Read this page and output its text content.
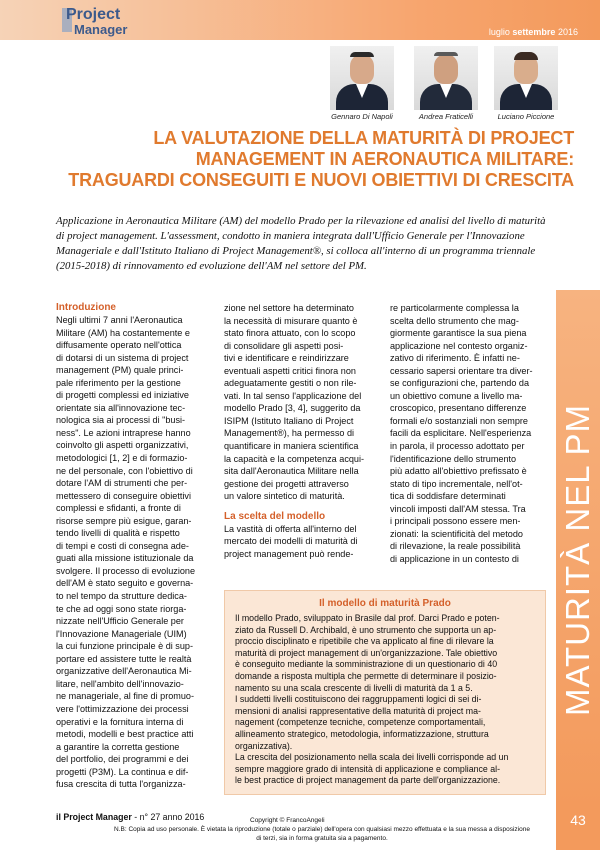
Project
Manager	luglio settembre 2016
Gennaro Di Napoli	Andrea Fraticelli	Luciano Piccione
LA VALUTAZIONE DELLA MATURITÀ DI PROJECT
MANAGEMENT IN AERONAUTICA MILITARE:
TRAGUARDI CONSEGUITI E NUOVI OBIETTIVI DI CRESCITA
Applicazione in Aeronautica Militare (AM) del modello Prado per la rilevazione ed analisi del livello di maturità di project management. L'assessment, condotto in maniera integrata dall'Ufficio Generale per l'Innovazione Manageriale e dall'Istituto Italiano di Project Management®, si colloca all'interno di un programma triennale (2015-2018) di rinnovamento ed evoluzione dell'AM nel settore del PM.
MATURITÀ NEL PM
Introduzione

Negli ultimi 7 anni l'Aeronautica
Militare (AM) ha costantemente e
diffusamente operato nell'ottica
di dotarsi di un sistema di project
management (PM) quale princi-
pale riferimento per la gestione
di progetti complessi ed iniziative
orientate sia all'innovazione tec-
nologica sia ai processi di "busi-
ness". Le azioni intraprese hanno
coinvolto gli aspetti organizzativi,
metodologici [1, 2] e di formazio-
ne del personale, con l'obiettivo di
dotare l'AM di strumenti che per-
mettessero di conseguire obiettivi
complessi e sfidanti, a fronte di
risorse sempre più esigue, garan-
tendo livelli di qualità e rispetto
di tempi e costi di consegna ade-
guati alla missione istituzionale da
svolgere. Il processo di evoluzione
dell'AM è stato seguito e governa-
to nel tempo da strutture dedica-
te che ad oggi sono state riorga-
nizzate nell'Ufficio Generale per
l'Innovazione Manageriale (UIM)
la cui funzione principale è di sup-
portare ed assistere tutte le realtà
organizzative dell'Aeronautica Mi-
litare, nell'ambito dell'innovazio-
ne manageriale, al fine di promuo-
vere l'ottimizzazione dei processi
operativi e la fornitura interna di
metodi, modelli e best practice atti
a garantire la corretta gestione
del portfolio, dei programmi e dei
progetti (P3M). La continua e dif-
fusa crescita di tutta l'organizza-

zione nel settore ha determinato
la necessità di misurare quanto è
stato finora attuato, con lo scopo
di consolidare gli aspetti posi-
tivi e identificare e reindirizzare
eventuali aspetti critici finora non
adeguatamente gestiti o non rile-
vati. In tal senso l'applicazione del
modello Prado [3, 4], suggerito da
ISIPM (Istituto Italiano di Project
Management®), ha permesso di
quantificare in maniera scientifica
la capacità e la competenza acqui-
sita dall'Aeronautica Militare nella
gestione dei progetti attraverso
un valore sintetico di maturità.

La scelta del modello

La vastità di offerta all'interno del
mercato dei modelli di maturità di
project management può rende-

re particolarmente complessa la
scelta dello strumento che mag-
giormente garantisce la sua piena
applicazione nel contesto organiz-
zativo di riferimento. È infatti ne-
cessario sapersi orientare tra diver-
se configurazioni che, partendo da
un obiettivo comune a livello ma-
croscopico, presentano differenze
formali e/o sostanziali non sempre
facili da esplicitare. Nell'esperienza
in parola, il processo adottato per
l'identificazione dello strumento
più adatto all'obiettivo prefissato è
stato di tipo incrementale, nell'ot-
tica di soddisfare determinati
vincoli imposti dall'AM stessa. Tra
i principali possono essere men-
zionati: la scientificità del metodo
di rilevazione, la reale possibilità
di applicazione in un contesto di

Il modello di maturità Prado
Il modello Prado, sviluppato in Brasile dal prof. Darci Prado e poten-
ziato da Russell D. Archibald, è uno strumento che supporta un ap-
proccio disciplinato e ripetibile che va applicato al fine di rilevare la
maturità di project management di un'organizzazione. Tale obiettivo
è conseguito mediante la somministrazione di un questionario di 40
domande a risposta multipla che permette di determinare il posizio-
namento su una scala crescente di livelli di maturità da 1 a 5.
I suddetti livelli costituiscono dei raggruppamenti logici di sei di-
mensioni di analisi rappresentative della maturità di project ma-
nagement (competenze tecniche, competenze comportamentali,
allineamento strategico, metodologia, informatizzazione, struttura
organizzativa).
La crescita del posizionamento nella scala dei livelli corrisponde ad un
sempre maggiore grado di intensità di applicazione e compliance al-
le best practice di project management da parte dell'organizzazione.
il Project Manager - n° 27 anno 2016	Copyright © FrancoAngeli
N.B: Copia ad uso personale. È vietata la riproduzione (totale o parziale) dell'opera con qualsiasi mezzo effettuata e la sua messa a disposizione di terzi, sia in forma gratuita sia a pagamento.
43
